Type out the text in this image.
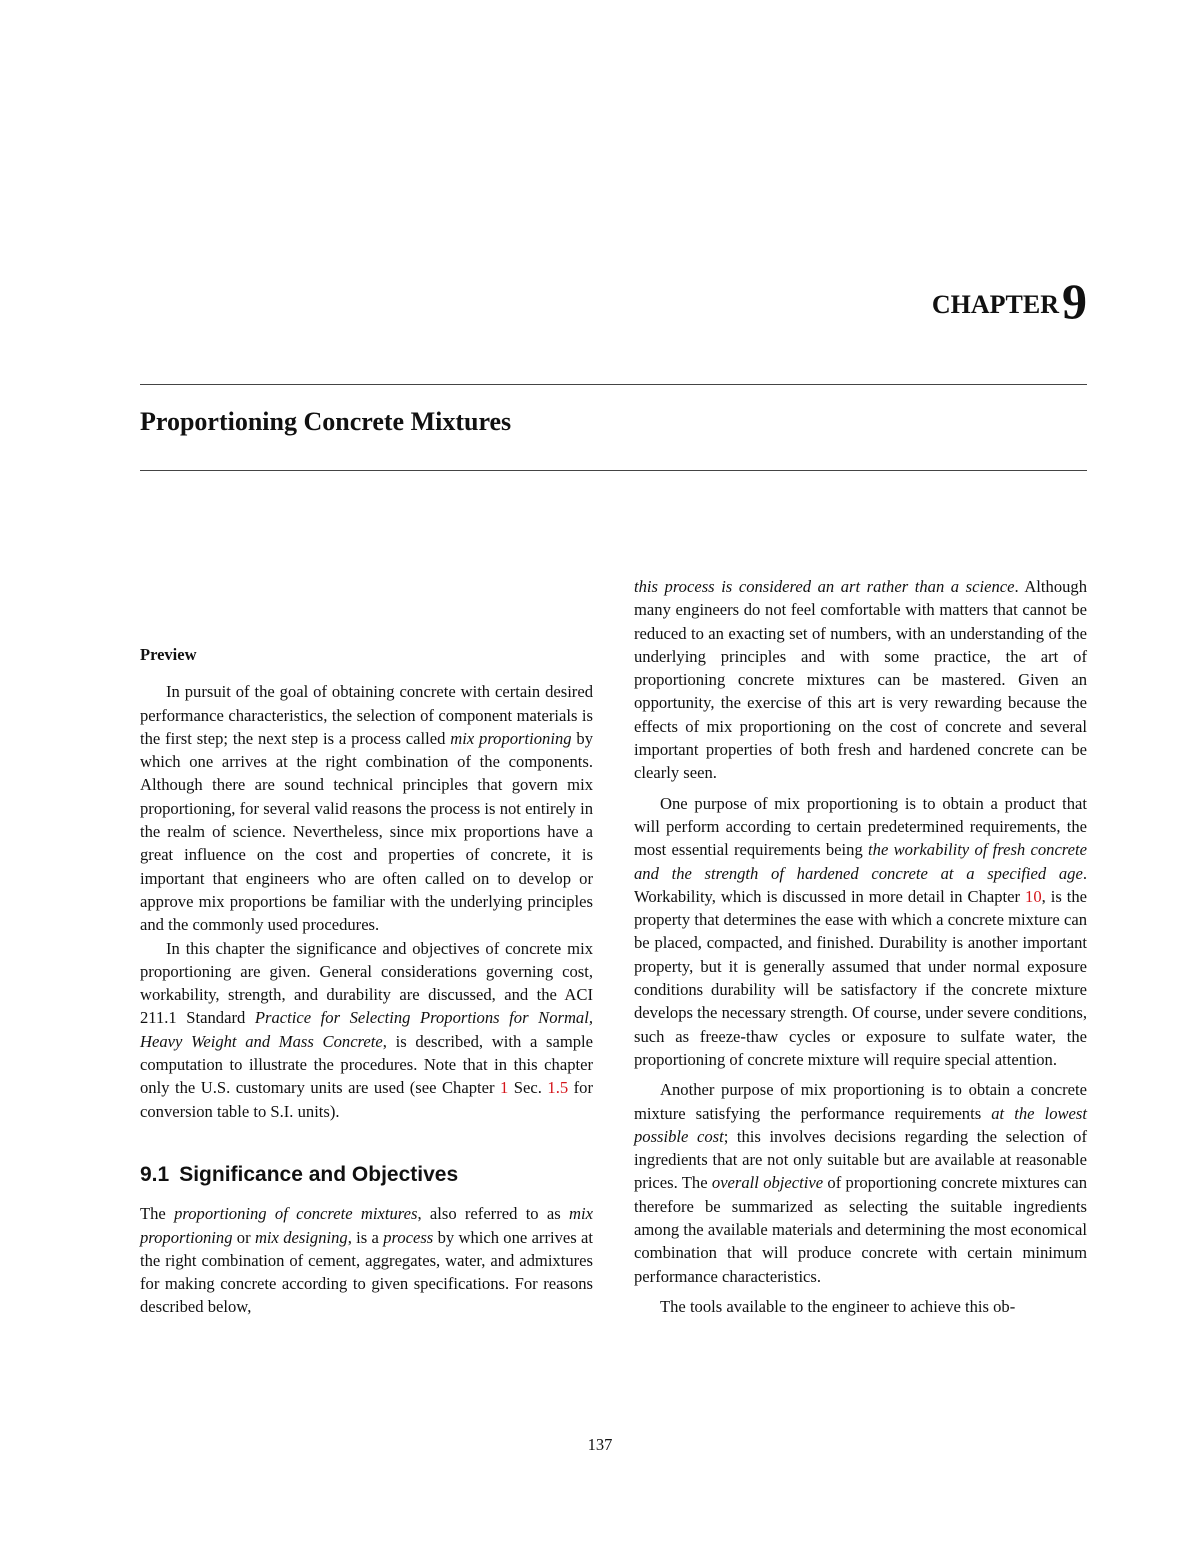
CHAPTER9
Proportioning Concrete Mixtures
Preview

In pursuit of the goal of obtaining concrete with certain desired performance characteristics, the selection of component materials is the first step; the next step is a process called mix proportioning by which one arrives at the right combination of the components. Although there are sound technical principles that govern mix proportioning, for several valid reasons the process is not entirely in the realm of science. Nevertheless, since mix proportions have a great influence on the cost and properties of concrete, it is important that engineers who are often called on to develop or approve mix proportions be familiar with the underlying principles and the commonly used procedures.

In this chapter the significance and objectives of concrete mix proportioning are given. General considerations governing cost, workability, strength, and durability are discussed, and the ACI 211.1 Standard Practice for Selecting Proportions for Normal, Heavy Weight and Mass Concrete, is described, with a sample computation to illustrate the procedures. Note that in this chapter only the U.S. customary units are used (see Chapter 1 Sec. 1.5 for conversion table to S.I. units).

9.1 Significance and Objectives

The proportioning of concrete mixtures, also referred to as mix proportioning or mix designing, is a process by which one arrives at the right combination of cement, aggregates, water, and admixtures for making concrete according to given specifications. For reasons described below,

this process is considered an art rather than a science. Although many engineers do not feel comfortable with matters that cannot be reduced to an exacting set of numbers, with an understanding of the underlying principles and with some practice, the art of proportioning concrete mixtures can be mastered. Given an opportunity, the exercise of this art is very rewarding because the effects of mix proportioning on the cost of concrete and several important properties of both fresh and hardened concrete can be clearly seen.

One purpose of mix proportioning is to obtain a product that will perform according to certain predetermined requirements, the most essential requirements being the workability of fresh concrete and the strength of hardened concrete at a specified age. Workability, which is discussed in more detail in Chapter 10, is the property that determines the ease with which a concrete mixture can be placed, compacted, and finished. Durability is another important property, but it is generally assumed that under normal exposure conditions durability will be satisfactory if the concrete mixture develops the necessary strength. Of course, under severe conditions, such as freeze-thaw cycles or exposure to sulfate water, the proportioning of concrete mixture will require special attention.

Another purpose of mix proportioning is to obtain a concrete mixture satisfying the performance requirements at the lowest possible cost; this involves decisions regarding the selection of ingredients that are not only suitable but are available at reasonable prices. The overall objective of proportioning concrete mixtures can therefore be summarized as selecting the suitable ingredients among the available materials and determining the most economical combination that will produce concrete with certain minimum performance characteristics.

The tools available to the engineer to achieve this ob-

137
